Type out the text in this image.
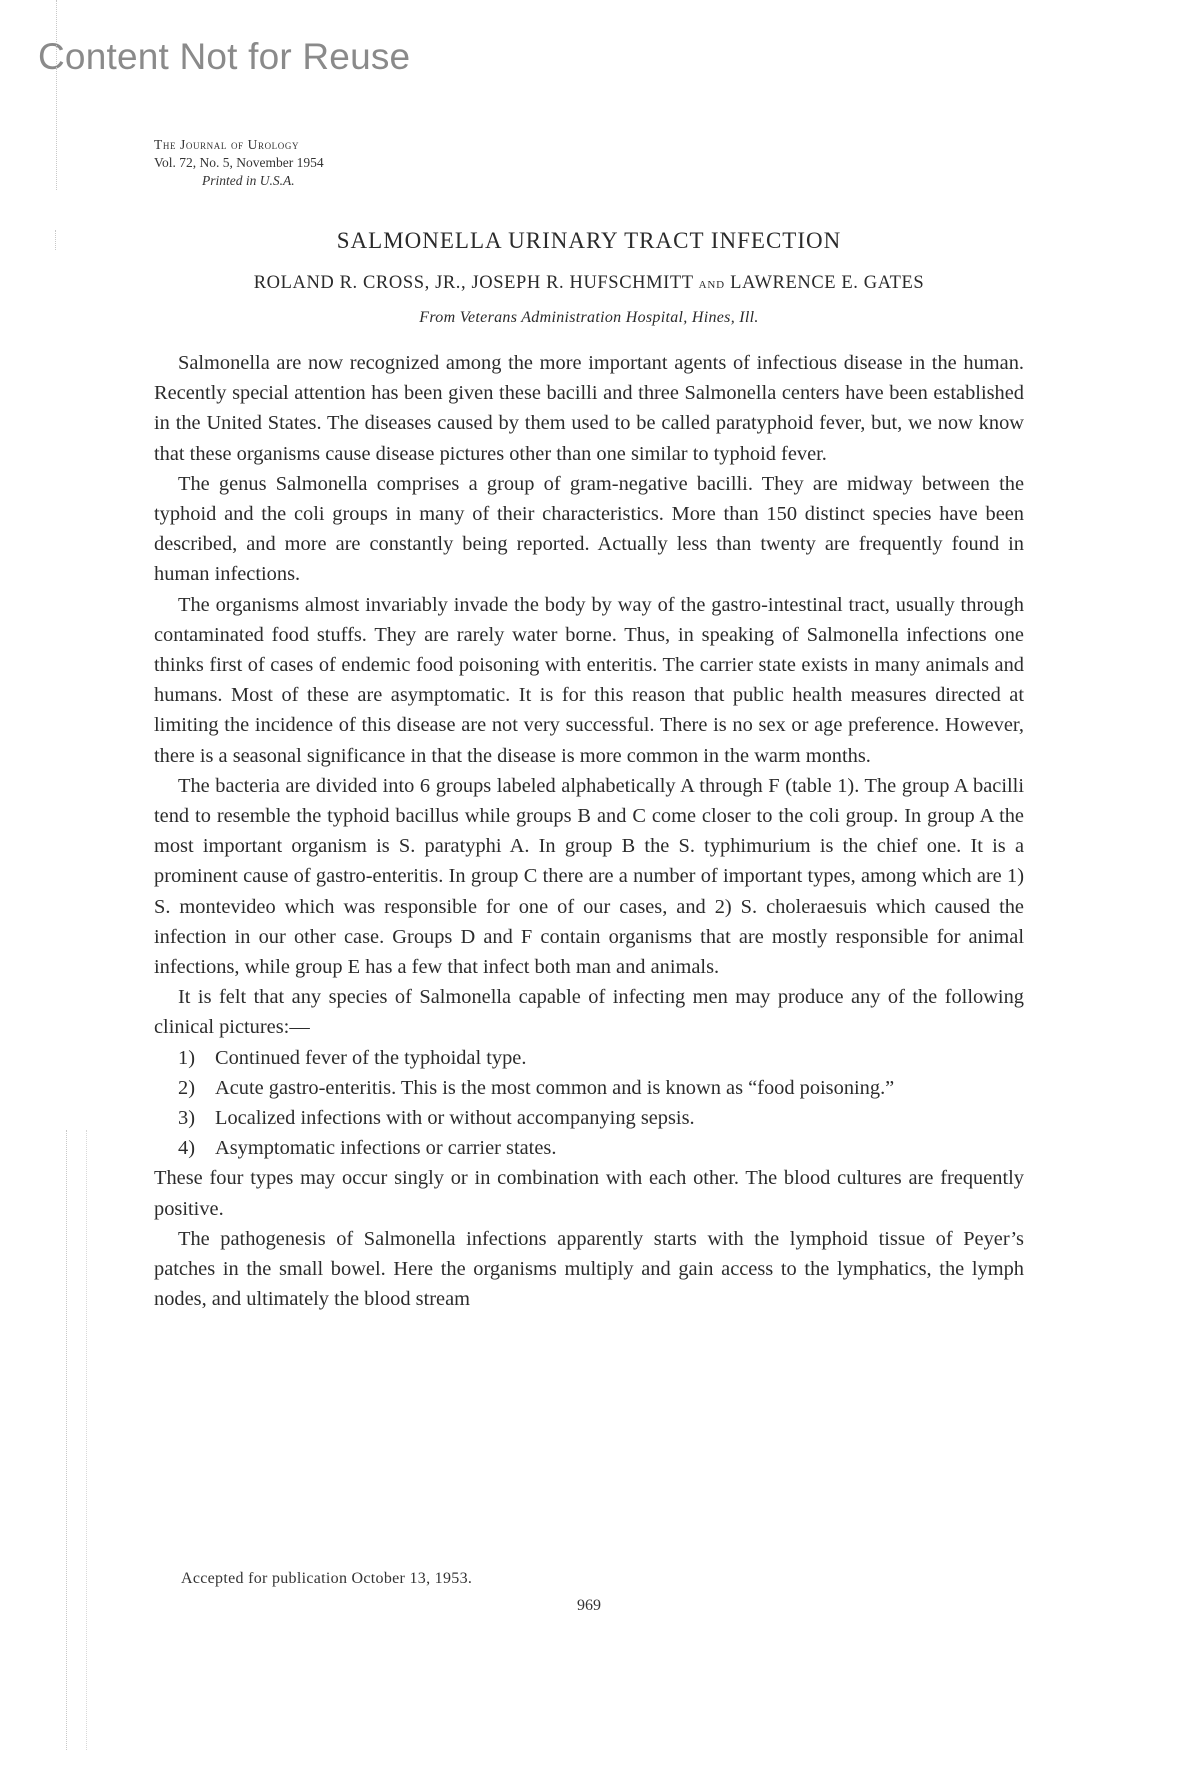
Content Not for Reuse
The Journal of Urology
Vol. 72, No. 5, November 1954
Printed in U.S.A.
SALMONELLA URINARY TRACT INFECTION
ROLAND R. CROSS, JR., JOSEPH R. HUFSCHMITT and LAWRENCE E. GATES
From Veterans Administration Hospital, Hines, Ill.

Salmonella are now recognized among the more important agents of infectious disease in the human. Recently special attention has been given these bacilli and three Salmonella centers have been established in the United States. The diseases caused by them used to be called paratyphoid fever, but, we now know that these organisms cause disease pictures other than one similar to typhoid fever.

The genus Salmonella comprises a group of gram-negative bacilli. They are midway between the typhoid and the coli groups in many of their characteristics. More than 150 distinct species have been described, and more are constantly being reported. Actually less than twenty are frequently found in human infections.

The organisms almost invariably invade the body by way of the gastro-intestinal tract, usually through contaminated food stuffs. They are rarely water borne. Thus, in speaking of Salmonella infections one thinks first of cases of endemic food poisoning with enteritis. The carrier state exists in many animals and humans. Most of these are asymptomatic. It is for this reason that public health measures directed at limiting the incidence of this disease are not very successful. There is no sex or age preference. However, there is a seasonal significance in that the disease is more common in the warm months.

The bacteria are divided into 6 groups labeled alphabetically A through F (table 1). The group A bacilli tend to resemble the typhoid bacillus while groups B and C come closer to the coli group. In group A the most important organism is S. paratyphi A. In group B the S. typhimurium is the chief one. It is a prominent cause of gastro-enteritis. In group C there are a number of important types, among which are 1) S. montevideo which was responsible for one of our cases, and 2) S. choleraesuis which caused the infection in our other case. Groups D and F contain organisms that are mostly responsible for animal infections, while group E has a few that infect both man and animals.

It is felt that any species of Salmonella capable of infecting men may produce any of the following clinical pictures:—

1) Continued fever of the typhoidal type.
2) Acute gastro-enteritis. This is the most common and is known as “food poisoning.”
3) Localized infections with or without accompanying sepsis.
4) Asymptomatic infections or carrier states.

These four types may occur singly or in combination with each other. The blood cultures are frequently positive.

The pathogenesis of Salmonella infections apparently starts with the lymphoid tissue of Peyer’s patches in the small bowel. Here the organisms multiply and gain access to the lymphatics, the lymph nodes, and ultimately the blood stream

Accepted for publication October 13, 1953.
969
